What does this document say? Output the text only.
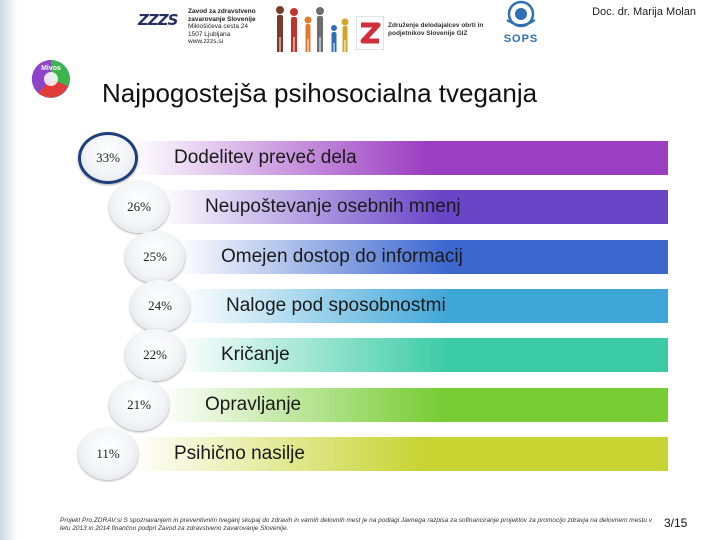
ZZZS	Zavod za zdravstveno zavarovanje Slovenije
Miklošičeva cesta 24
1507 Ljubljana
www.zzzs.si
Združenje delodajalcev obrti in podjetnikov Slovenije GIZ	SOPS
Doc. dr. Marija Molan
Mivos
Najpogostejša psihosocialna tveganja
Dodelitev preveč dela
33%
Neupoštevanje osebnih mnenj
26%
Omejen dostop do informacij
25%
Naloge pod sposobnostmi
24%
Kričanje
22%
Opravljanje
21%
Psihično nasilje
11%
Projekt Pro.ZDRAV.si S spoznavanjem in preventivnim tveganj skupaj do zdravih in varnih delovnih mest je na podlagi Javnega razpisa za sofinanciranje projektov za promocijo zdravja na delovnem mestu v letu 2013 in 2014 finančno podprl Zavod za zdravstveno zavarovanje Slovenije.	3/15
